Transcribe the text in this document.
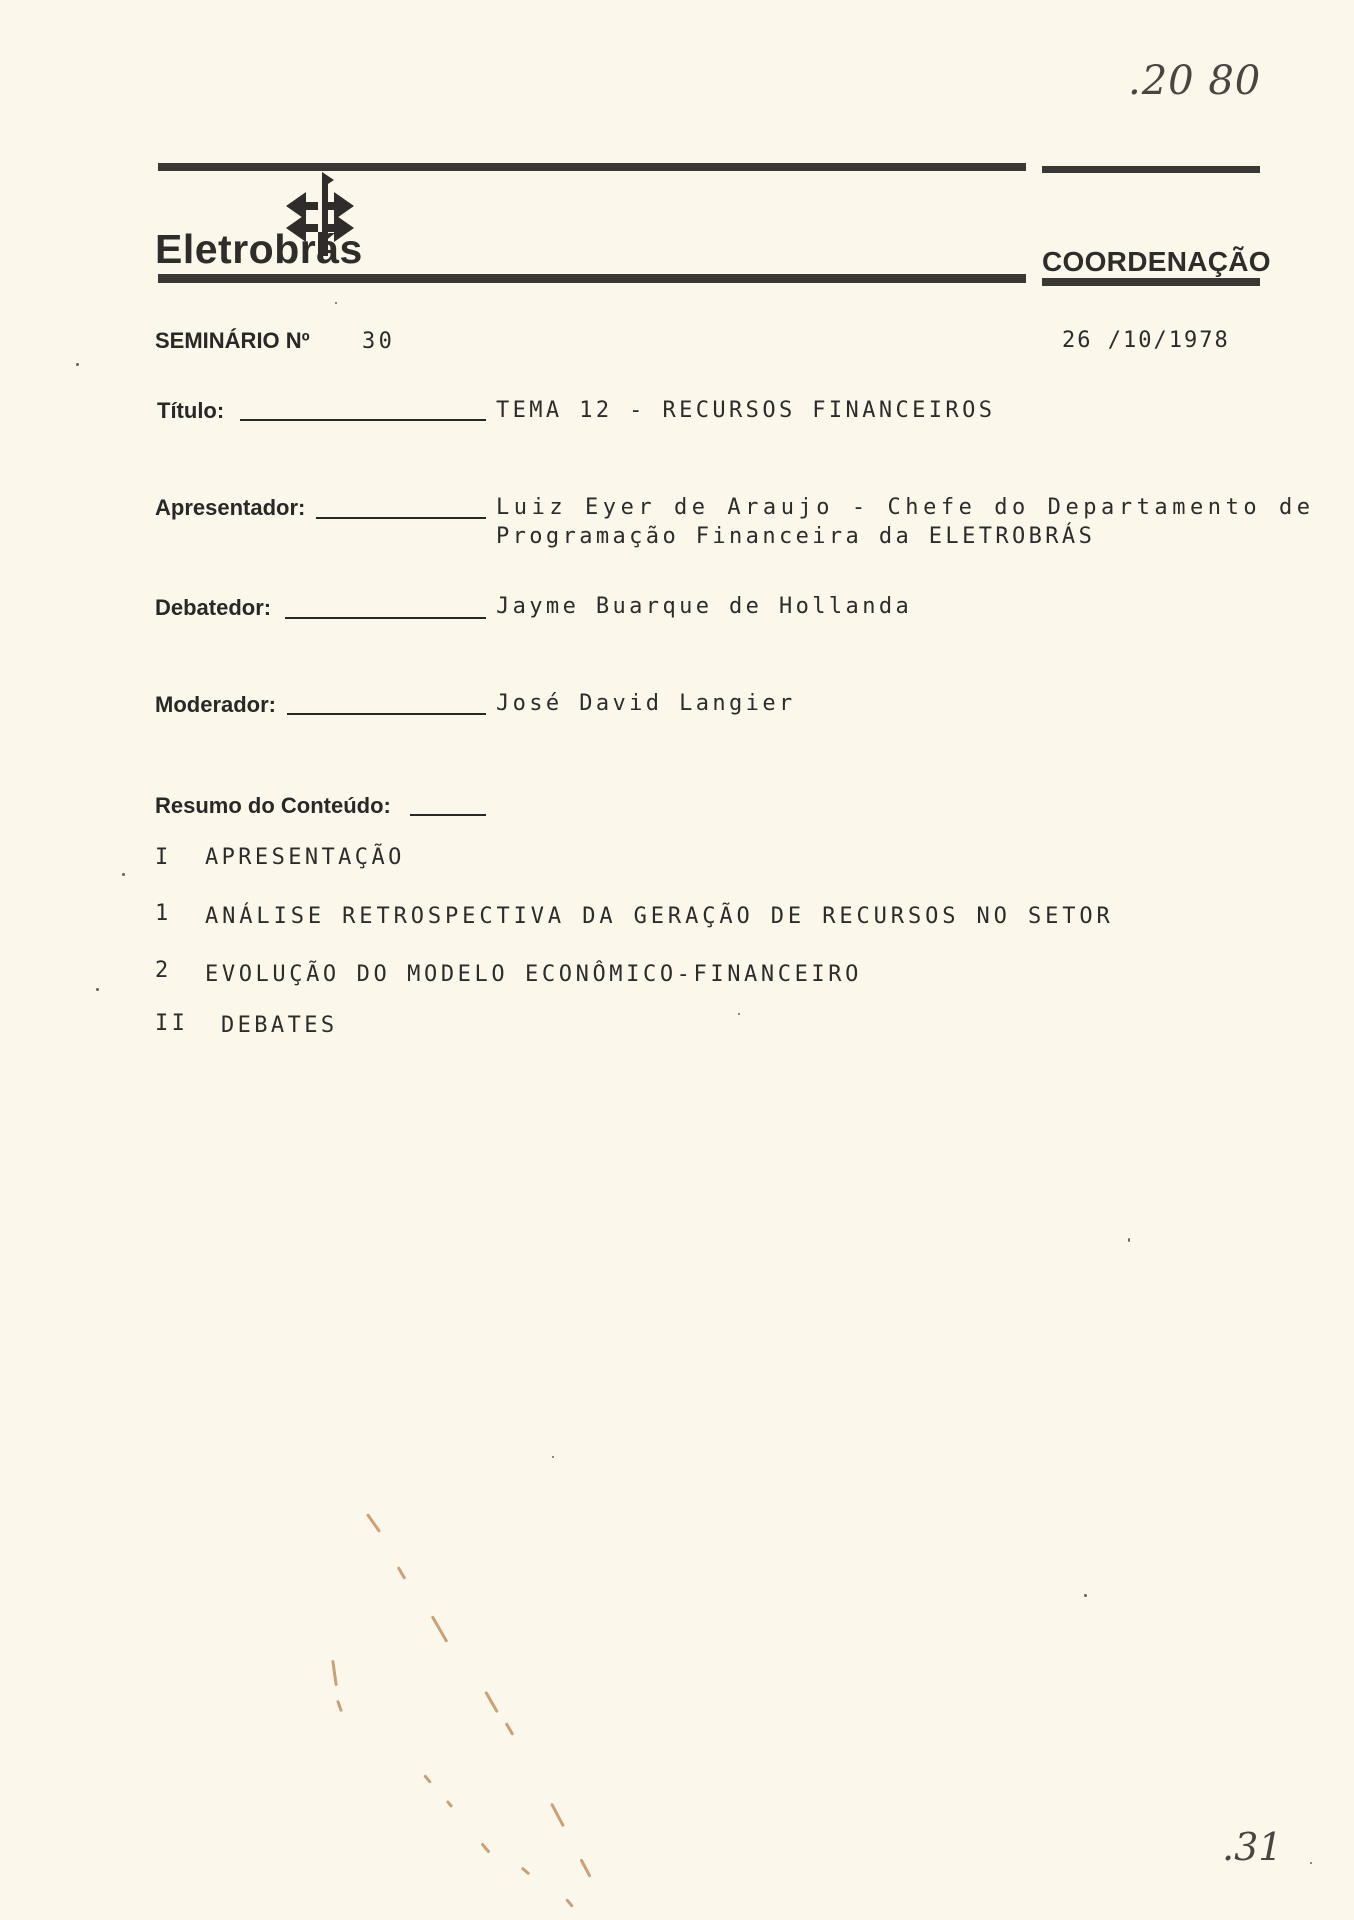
.20 80
.31
Eletrobrás	COORDENAÇÃO
SEMINÁRIO Nº 30	26 /10/1978
Título:	TEMA 12 - RECURSOS FINANCEIROS
Apresentador:	Luiz Eyer de Araujo - Chefe do Departamento de
Programação Financeira da ELETROBRÁS
Debatedor:	Jayme Buarque de Hollanda
Moderador:	José David Langier
Resumo do Conteúdo:
I APRESENTAÇÃO
1 ANÁLISE RETROSPECTIVA DA GERAÇÃO DE RECURSOS NO SETOR
2 EVOLUÇÃO DO MODELO ECONÔMICO-FINANCEIRO
II DEBATES
